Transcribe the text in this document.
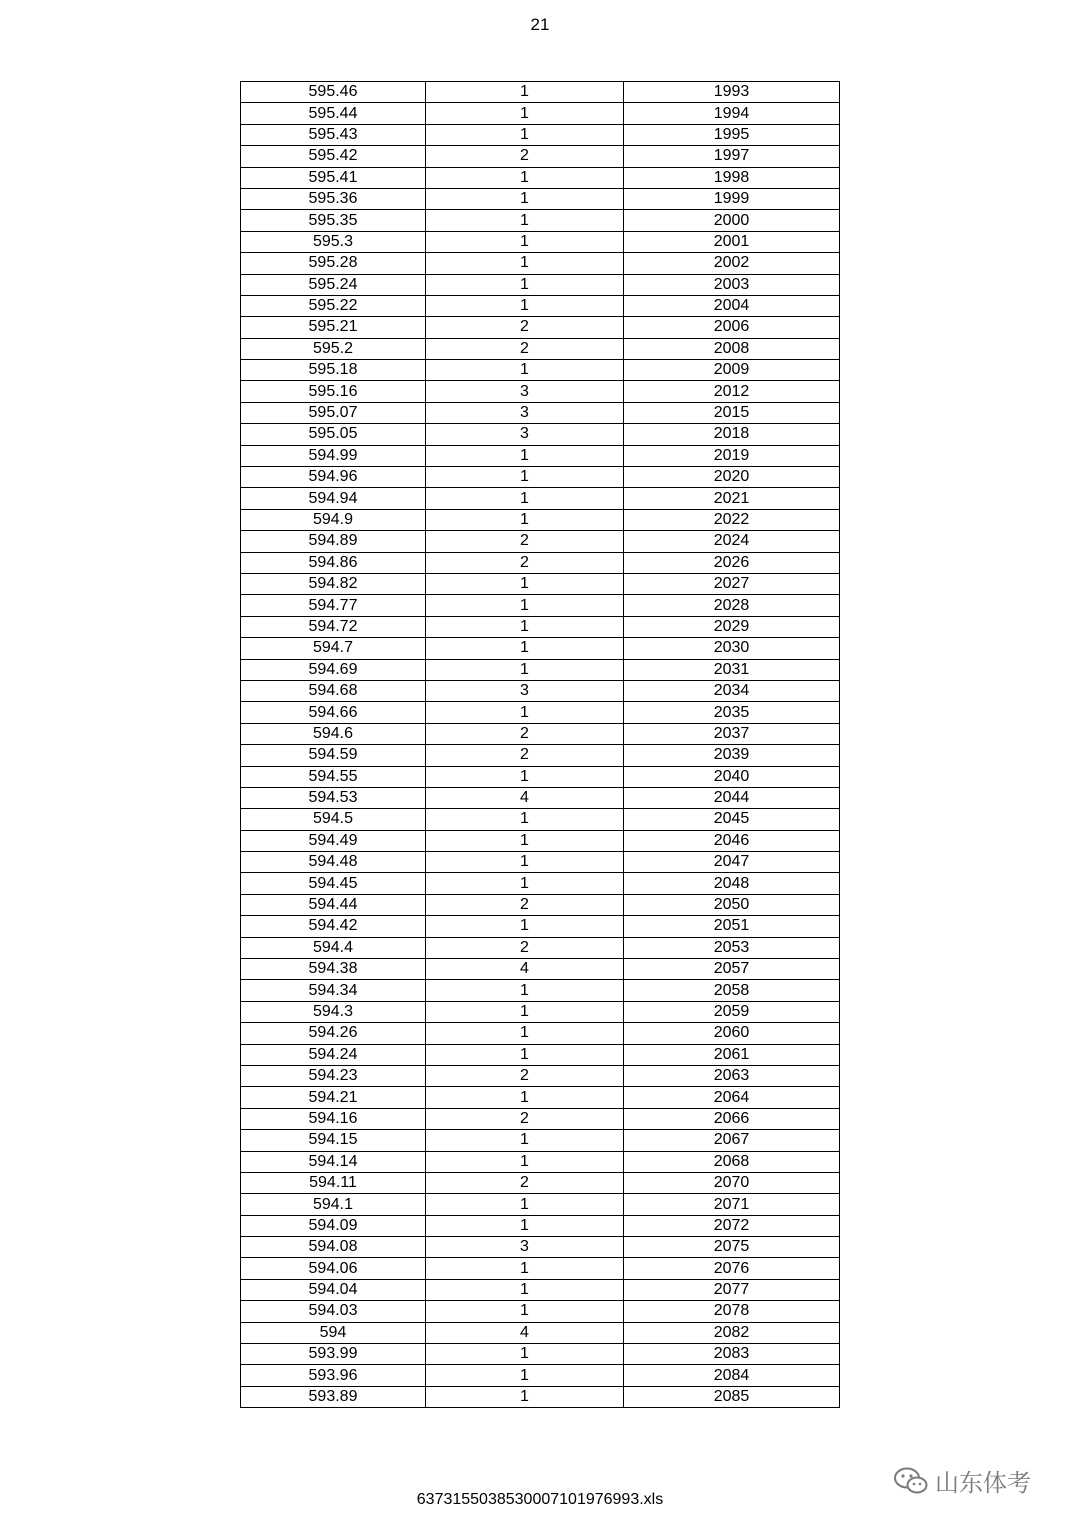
21
595.46	1	1993
595.44	1	1994
595.43	1	1995
595.42	2	1997
595.41	1	1998
595.36	1	1999
595.35	1	2000
595.3	1	2001
595.28	1	2002
595.24	1	2003
595.22	1	2004
595.21	2	2006
595.2	2	2008
595.18	1	2009
595.16	3	2012
595.07	3	2015
595.05	3	2018
594.99	1	2019
594.96	1	2020
594.94	1	2021
594.9	1	2022
594.89	2	2024
594.86	2	2026
594.82	1	2027
594.77	1	2028
594.72	1	2029
594.7	1	2030
594.69	1	2031
594.68	3	2034
594.66	1	2035
594.6	2	2037
594.59	2	2039
594.55	1	2040
594.53	4	2044
594.5	1	2045
594.49	1	2046
594.48	1	2047
594.45	1	2048
594.44	2	2050
594.42	1	2051
594.4	2	2053
594.38	4	2057
594.34	1	2058
594.3	1	2059
594.26	1	2060
594.24	1	2061
594.23	2	2063
594.21	1	2064
594.16	2	2066
594.15	1	2067
594.14	1	2068
594.11	2	2070
594.1	1	2071
594.09	1	2072
594.08	3	2075
594.06	1	2076
594.04	1	2077
594.03	1	2078
594	4	2082
593.99	1	2083
593.96	1	2084
593.89	1	2085
6373155038530007101976993.xls
山东体考
